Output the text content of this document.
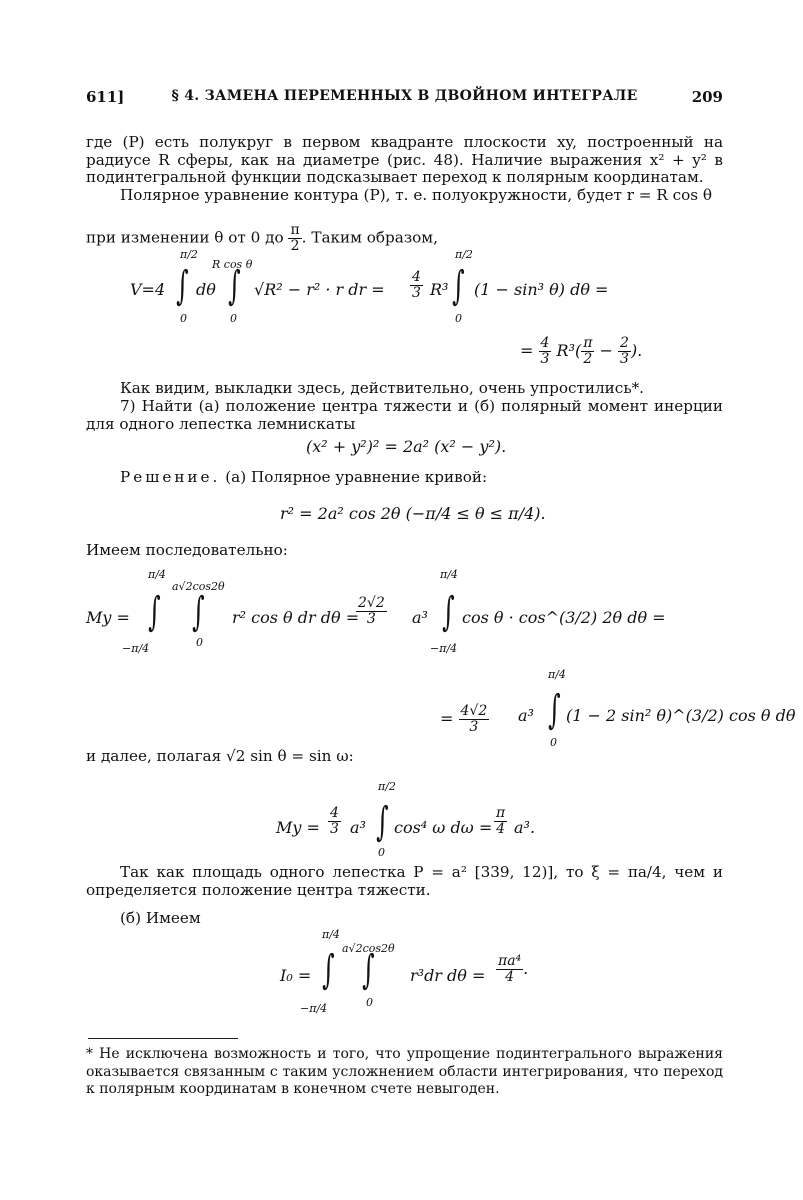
611]	§ 4. ЗАМЕНА ПЕРЕМЕННЫХ В ДВОЙНОМ ИНТЕГРАЛЕ	209
где (P) есть полукруг в первом квадранте плоскости xy, построенный на радиусе R сферы, как на диаметре (рис. 48). Наличие выражения x² + y² в подинтегральной функции подсказывает переход к полярным координатам.
Полярное уравнение контура (P), т. е. полуокружности, будет r = R cos θ
при изменении θ от 0 до $\frac{\pi}{2}$ . Таким образом,
V=4
π/2
∫
0
dθ
R cos θ
∫
0
√R² − r² · r dr = $\frac{4}{3} R^3$
π/2
∫
0
(1 − sin³ θ) dθ =
= $\frac{4}{3} R^3( \frac{\pi}{2} - \frac{2}{3}$ ).
Как видим, выкладки здесь, действительно, очень упростились*.
7) Найти (а) положение центра тяжести и (б) полярный момент инерции для одного лепестка лемнискаты
(x² + y²)² = 2a² (x² − y²).
Решение. (а) Полярное уравнение кривой:
r² = 2a² cos 2θ (−π/4 ≤ θ ≤ π/4).
Имеем последовательно:
My =
π/4
∫
−π/4
a√2cos2θ
∫
0
r² cos θ dr dθ =
$\frac{2√2}{3} a^3$
π/4
∫
−π/4
cos θ · cos^(3/2) 2θ dθ =
= $\frac{4√2}{3} a^3$
π/4
∫
0
(1 − 2 sin² θ)^(3/2) cos θ dθ
и далее, полагая √2 sin θ = sin ω:
$My = \frac{4}{3} a^3$
π/2
∫
0
cos⁴ ω $d\omega = \frac{\pi}{4} a^3$.
Так как площадь одного лепестка P = a² [339, 12)], то ξ = πa/4, чем и определяется положение центра тяжести.
(б) Имеем
I₀ =
π/4
∫
−π/4
a√2cos2θ
∫
0
r³dr $d\theta = \frac{\text{πa⁴}}{4}$ .
* Не исключена возможность и того, что упрощение подинтегрального выражения оказывается связанным с таким усложнением области интегрирования, что переход к полярным координатам в конечном счете невыгоден.
